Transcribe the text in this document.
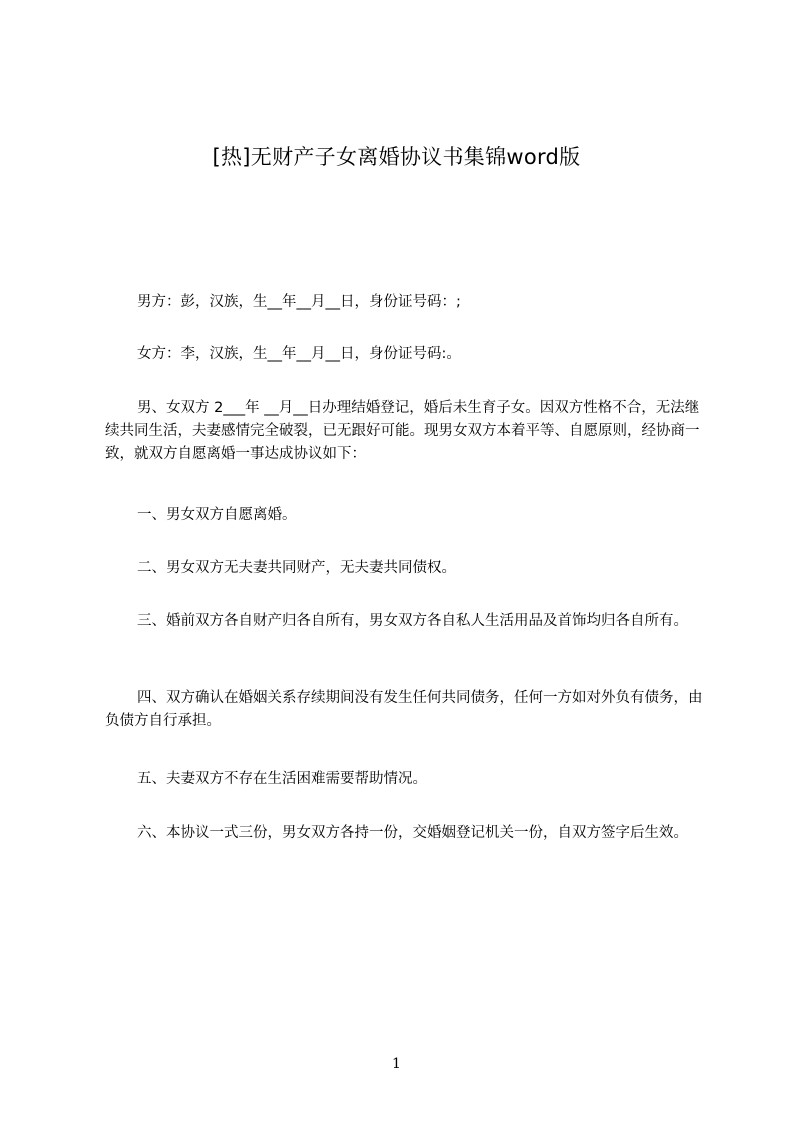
[热]无财产子女离婚协议书集锦word版
男方：彭，汉族，生__年__月__日，身份证号码：;
女方：李，汉族，生__年__月__日，身份证号码:。
男、女双方 2___年 __月__日办理结婚登记，婚后未生育子女。因双方性格不合，无法继续共同生活，夫妻感情完全破裂，已无跟好可能。现男女双方本着平等、自愿原则，经协商一致，就双方自愿离婚一事达成协议如下：
一、男女双方自愿离婚。
二、男女双方无夫妻共同财产，无夫妻共同债权。
三、婚前双方各自财产归各自所有，男女双方各自私人生活用品及首饰均归各自所有。
四、双方确认在婚姻关系存续期间没有发生任何共同债务，任何一方如对外负有债务，由负债方自行承担。
五、夫妻双方不存在生活困难需要帮助情况。
六、本协议一式三份，男女双方各持一份，交婚姻登记机关一份，自双方签字后生效。
1
